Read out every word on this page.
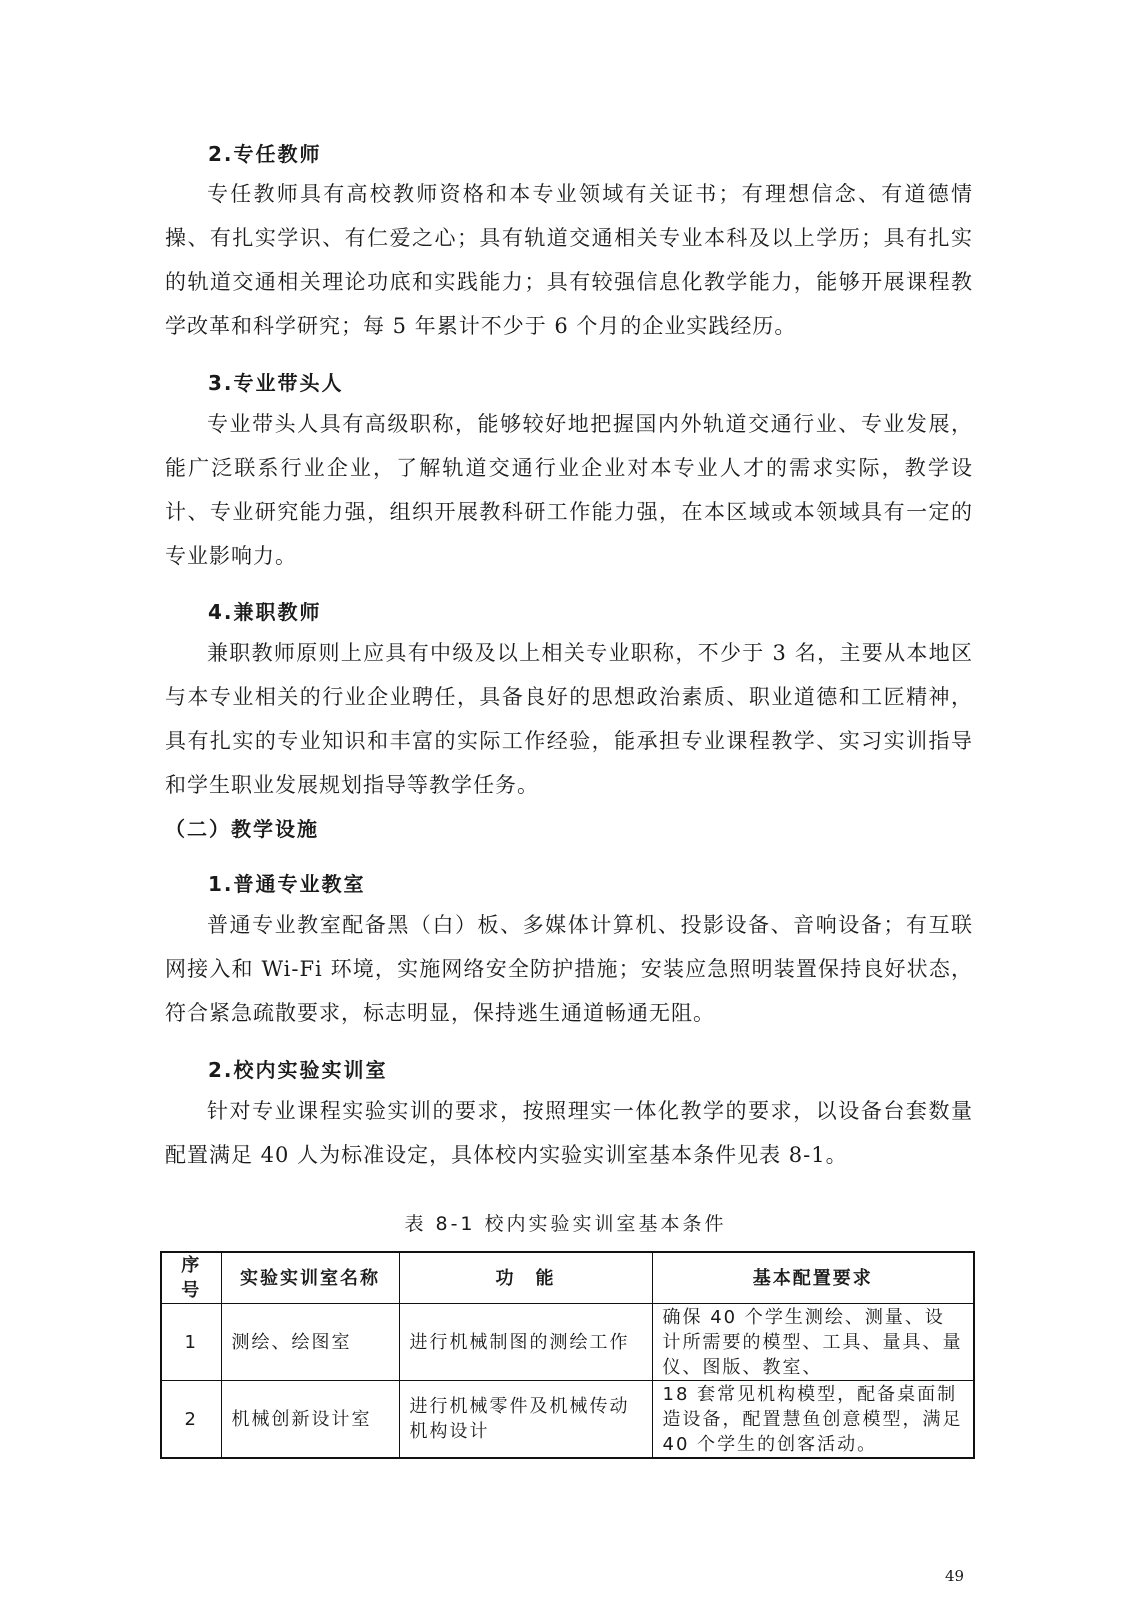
2.专任教师

专任教师具有高校教师资格和本专业领域有关证书；有理想信念、有道德情操、有扎实学识、有仁爱之心；具有轨道交通相关专业本科及以上学历；具有扎实的轨道交通相关理论功底和实践能力；具有较强信息化教学能力，能够开展课程教学改革和科学研究；每 5 年累计不少于 6 个月的企业实践经历。

3.专业带头人

专业带头人具有高级职称，能够较好地把握国内外轨道交通行业、专业发展，能广泛联系行业企业，了解轨道交通行业企业对本专业人才的需求实际，教学设计、专业研究能力强，组织开展教科研工作能力强，在本区域或本领域具有一定的专业影响力。

4.兼职教师

兼职教师原则上应具有中级及以上相关专业职称，不少于 3 名，主要从本地区与本专业相关的行业企业聘任，具备良好的思想政治素质、职业道德和工匠精神，具有扎实的专业知识和丰富的实际工作经验，能承担专业课程教学、实习实训指导和学生职业发展规划指导等教学任务。

（二）教学设施
1.普通专业教室

普通专业教室配备黑（白）板、多媒体计算机、投影设备、音响设备；有互联网接入和 Wi-Fi 环境，实施网络安全防护措施；安装应急照明装置保持良好状态，符合紧急疏散要求，标志明显，保持逃生通道畅通无阻。

2.校内实验实训室

针对专业课程实验实训的要求，按照理实一体化教学的要求，以设备台套数量配置满足 40 人为标准设定，具体校内实验实训室基本条件见表 8-1。

表 8-1 校内实验实训室基本条件

序号	实验实训室名称	功　能	基本配置要求
1	测绘、绘图室	进行机械制图的测绘工作	确保 40 个学生测绘、测量、设计所需要的模型、工具、量具、量仪、图版、教室、
2	机械创新设计室	进行机械零件及机械传动机构设计	18 套常见机构模型，配备桌面制造设备，配置慧鱼创意模型，满足 40 个学生的创客活动。

49
